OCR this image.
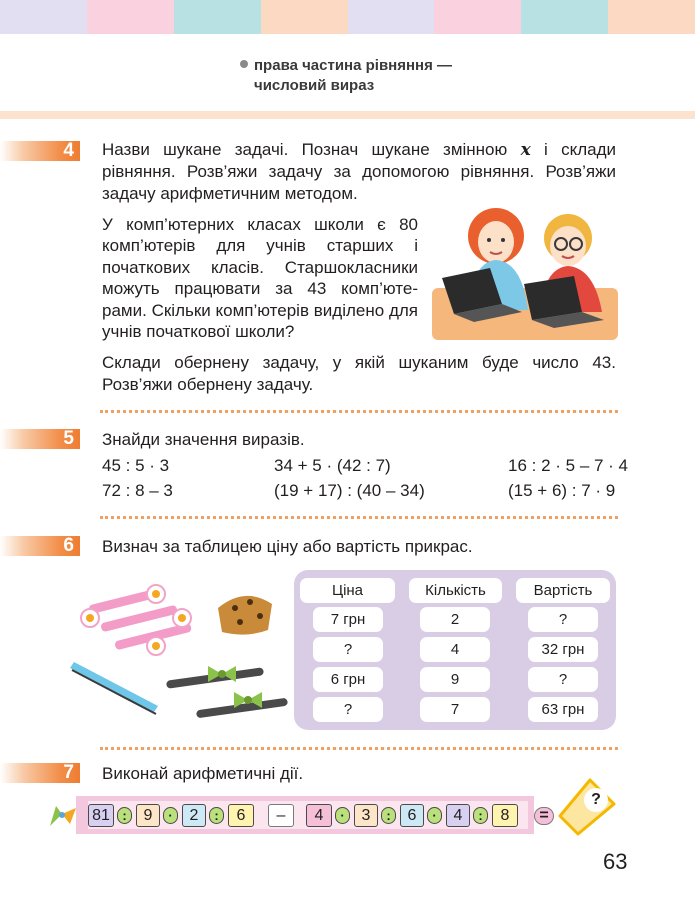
права частина рівняння —
числовий вираз
4 Назви шукане задачі. Познач шукане змінною x і склади рівняння. Розв’яжи задачу за допомогою рівняння. Розв’яжи задачу арифметичним методом.
У комп’ютерних класах школи є 80 комп’ютерів для учнів старших і початкових класів. Старшокласники можуть працювати за 43 комп’юте-рами. Скільки комп’ютерів виділено для учнів початкової школи?
Склади обернену задачу, у якій шуканим буде число 43. Розв’яжи обернену задачу.
5 Знайди значення виразів.
45 : 5 · 3	34 + 5 · (42 : 7)	16 : 2 · 5 – 7 · 4
72 : 8 – 3	(19 + 17) : (40 – 34)	(15 + 6) : 7 · 9
6 Визнач за таблицею ціну або вартість прикрас.
Ціна	Кількість	Вартість
7 грн	2	?
?	4	32 грн
6 грн	9	?
?	7	63 грн
7 Виконай арифметичні дії.
81 :	9	·	2	:	6	–	4	·	3	:	6	·	4	:	8	=
?
63
